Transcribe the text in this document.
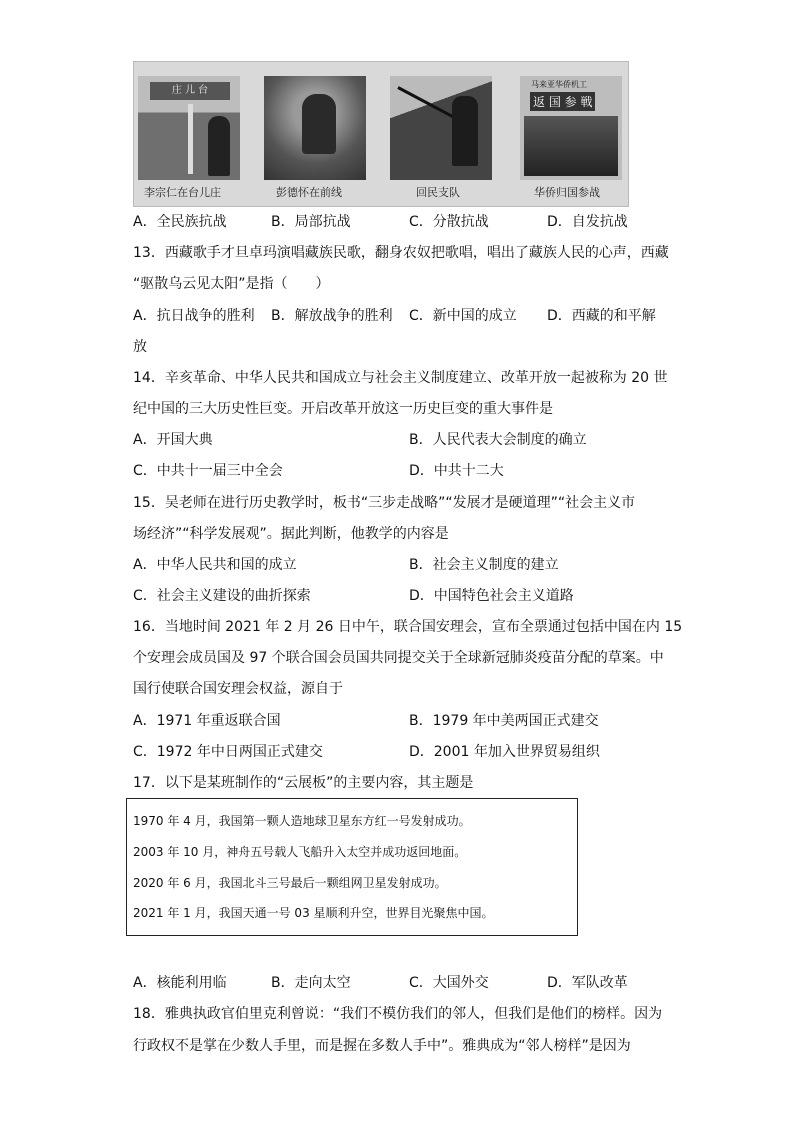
庄 儿 台
李宗仁在台儿庄	彭德怀在前线	回民支队
马来亚华侨机工
返 国 参 戦
华侨归国参战
A．全民族抗战	B．局部抗战	C．分散抗战	D．自发抗战
13．西藏歌手才旦卓玛演唱藏族民歌，翻身农奴把歌唱，唱出了藏族人民的心声，西藏
“驱散乌云见太阳”是指（　　）
A．抗日战争的胜利 B．解放战争的胜利 C．新中国的成立 D．西藏的和平解
放
14．辛亥革命、中华人民共和国成立与社会主义制度建立、改革开放一起被称为 20 世
纪中国的三大历史性巨变。开启改革开放这一历史巨变的重大事件是
A．开国大典	B．人民代表大会制度的确立
C．中共十一届三中全会	D．中共十二大
15．吴老师在进行历史教学时，板书“三步走战略”“发展才是硬道理”“社会主义市
场经济”“科学发展观”。据此判断，他教学的内容是
A．中华人民共和国的成立	B．社会主义制度的建立
C．社会主义建设的曲折探索	D．中国特色社会主义道路
16．当地时间 2021 年 2 月 26 日中午，联合国安理会，宣布全票通过包括中国在内 15
个安理会成员国及 97 个联合国会员国共同提交关于全球新冠肺炎疫苗分配的草案。中
国行使联合国安理会权益，源自于
A．1971 年重返联合国	B．1979 年中美两国正式建交
C．1972 年中日两国正式建交	D．2001 年加入世界贸易组织
17．以下是某班制作的“云展板”的主要内容，其主题是
1970 年 4 月，我国第一颗人造地球卫星东方红一号发射成功。
2003 年 10 月，神舟五号载人飞船升入太空并成功返回地面。
2020 年 6 月，我国北斗三号最后一颗组网卫星发射成功。
2021 年 1 月，我国天通一号 03 星顺利升空，世界目光聚焦中国。
A．核能利用临	B．走向太空	C．大国外交	D．军队改革
18．雅典执政官伯里克利曾说：“我们不模仿我们的邻人，但我们是他们的榜样。因为
行政权不是掌在少数人手里，而是握在多数人手中”。雅典成为“邻人榜样”是因为
